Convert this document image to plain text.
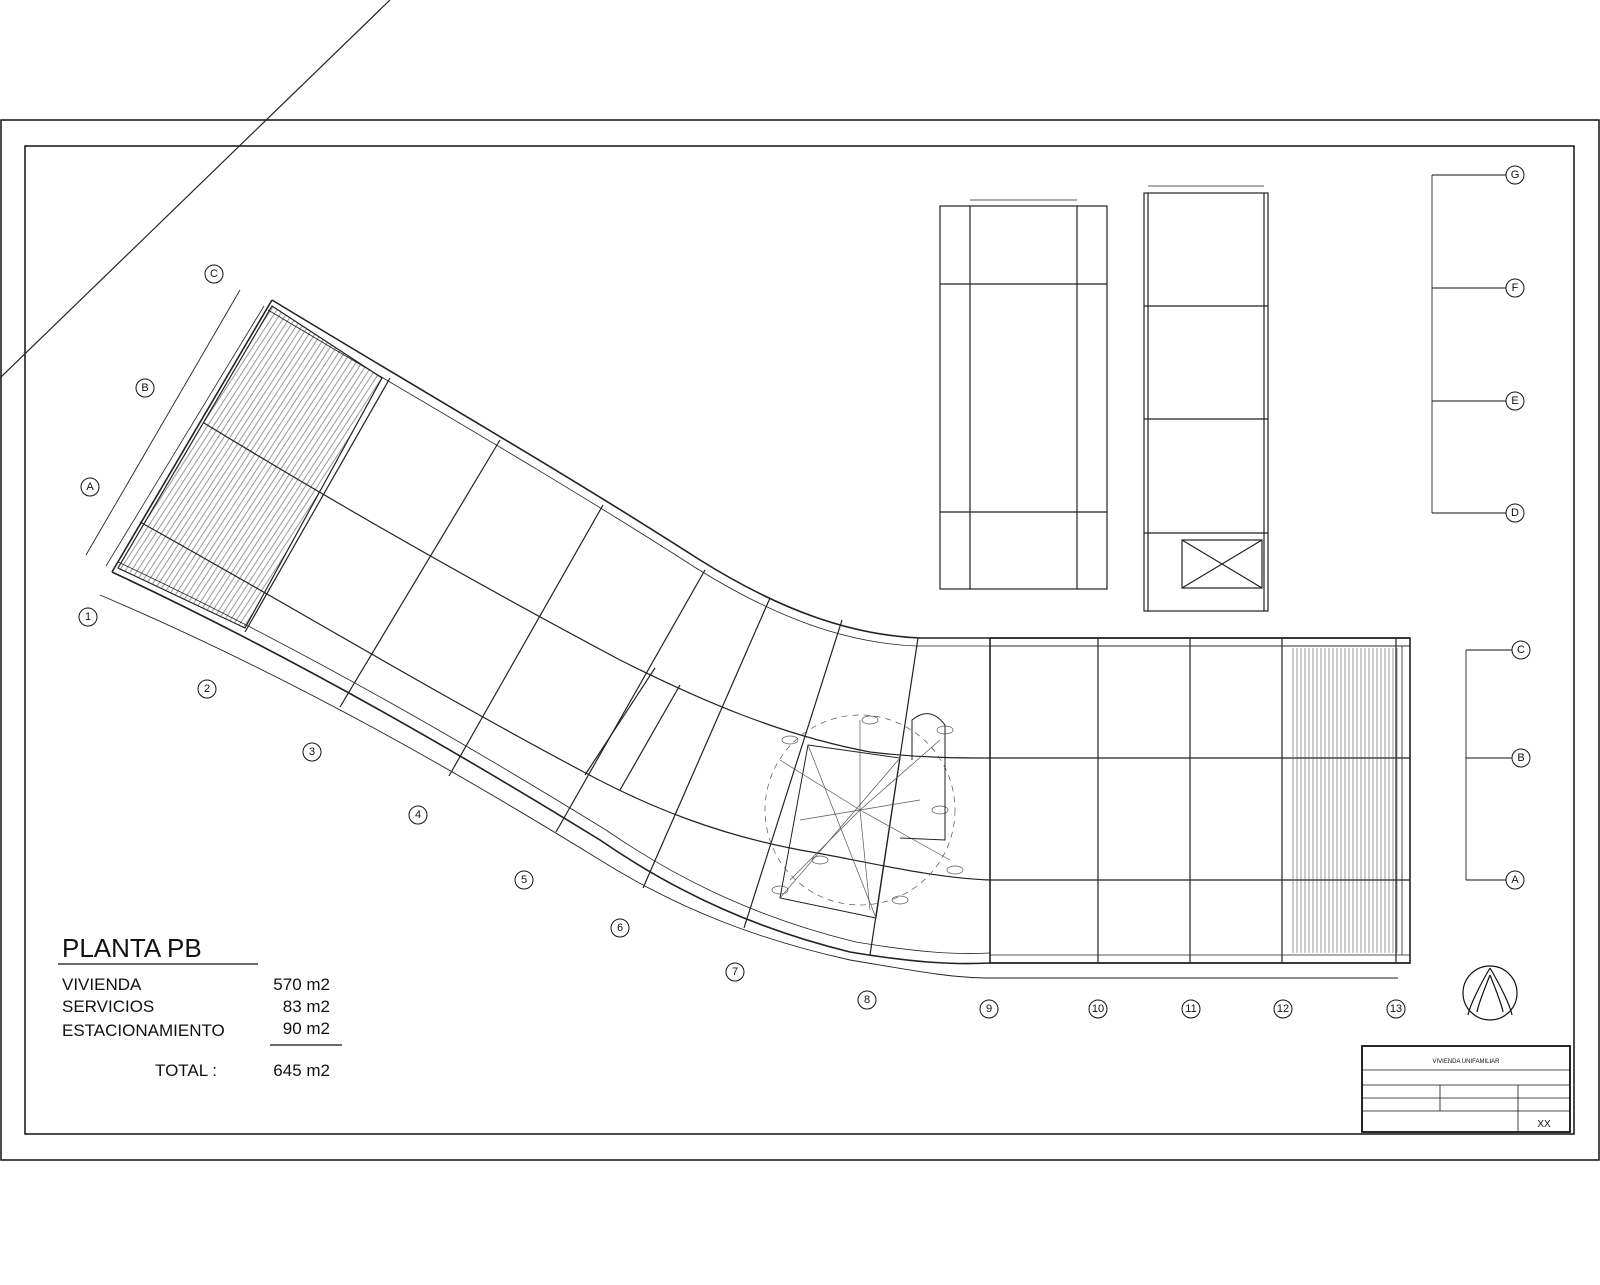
VIVIENDA UNIFAMILIAR
XX
1
2
3
4
5
6
7
8
9	10	11	12	13
A
B
C
G
F
E
D
C
B
A
PLANTA PB
VIVIENDA	570 m2
SERVICIOS	83 m2
ESTACIONAMIENTO	90 m2
TOTAL :	645 m2
